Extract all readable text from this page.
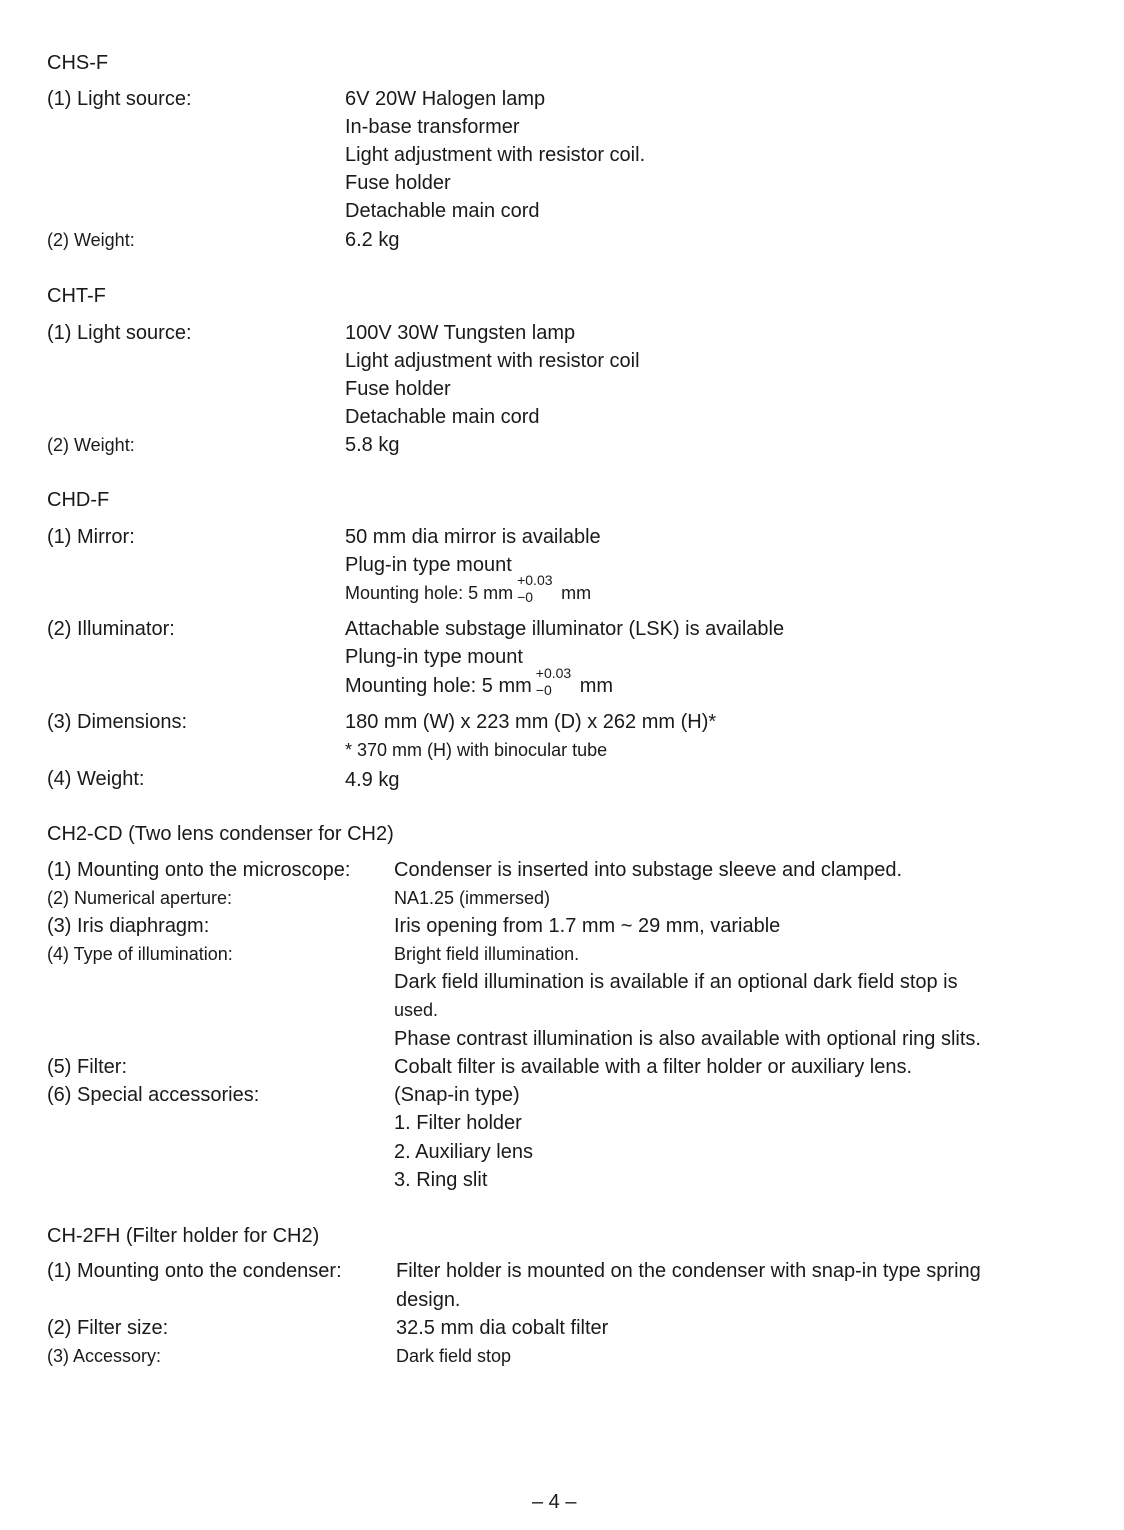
CHS-F
(1) Light source:	6V 20W Halogen lamp
In-base transformer
Light adjustment with resistor coil.
Fuse holder
Detachable main cord
(2) Weight:	6.2 kg
CHT-F
(1) Light source:	100V 30W Tungsten lamp
Light adjustment with resistor coil
Fuse holder
Detachable main cord
(2) Weight:	5.8 kg
CHD-F
(1) Mirror:	50 mm dia mirror is available
Plug-in type mount
Mounting hole: 5 mm
+0.03
−0 mm
(2) Illuminator:	Attachable substage illuminator (LSK) is available
Plung-in type mount
Mounting hole: 5 mm
+0.03
−0 mm
(3) Dimensions:	180 mm (W) x 223 mm (D) x 262 mm (H)*
* 370 mm (H) with binocular tube
(4) Weight:	4.9 kg
CH2-CD (Two lens condenser for CH2)
(1) Mounting onto the microscope: Condenser is inserted into substage sleeve and clamped.
(2) Numerical aperture:	NA1.25 (immersed)
(3) Iris diaphragm:	Iris opening from 1.7 mm ~ 29 mm, variable
(4) Type of illumination:	Bright field illumination.
Dark field illumination is available if an optional dark field stop is
used.
Phase contrast illumination is also available with optional ring slits.
(5) Filter:	Cobalt filter is available with a filter holder or auxiliary lens.
(6) Special accessories:	(Snap-in type)
1. Filter holder
2. Auxiliary lens
3. Ring slit
CH-2FH (Filter holder for CH2)
(1) Mounting onto the condenser:	Filter holder is mounted on the condenser with snap-in type spring
design.
(2) Filter size:	32.5 mm dia cobalt filter
(3) Accessory:	Dark field stop
– 4 –
